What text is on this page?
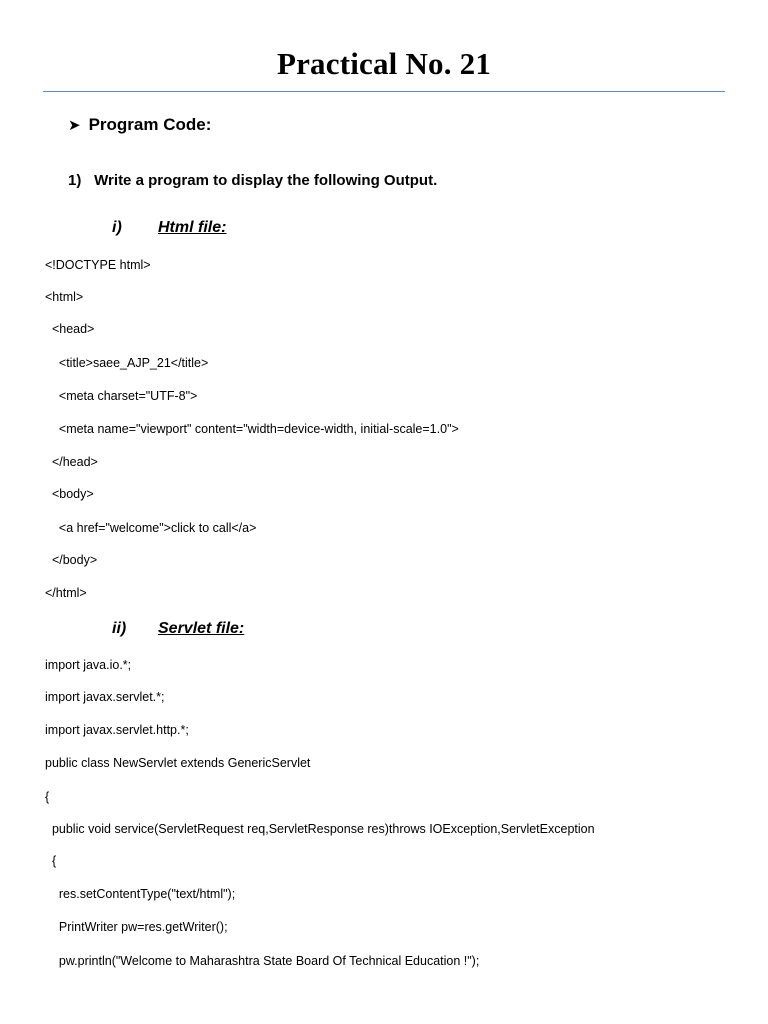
Practical No. 21
➤ Program Code:
1) Write a program to display the following Output.
i) Html file:
<!DOCTYPE html>
<html>
<head>
<title>saee_AJP_21</title>
<meta charset="UTF-8">
<meta name="viewport" content="width=device-width, initial-scale=1.0">
</head>
<body>
<a href="welcome">click to call</a>
</body>
</html>
ii) Servlet file:
import java.io.*;
import javax.servlet.*;
import javax.servlet.http.*;
public class NewServlet extends GenericServlet
{
public void service(ServletRequest req,ServletResponse res)throws IOException,ServletException
{
res.setContentType("text/html");
PrintWriter pw=res.getWriter();
pw.println("Welcome to Maharashtra State Board Of Technical Education !");
